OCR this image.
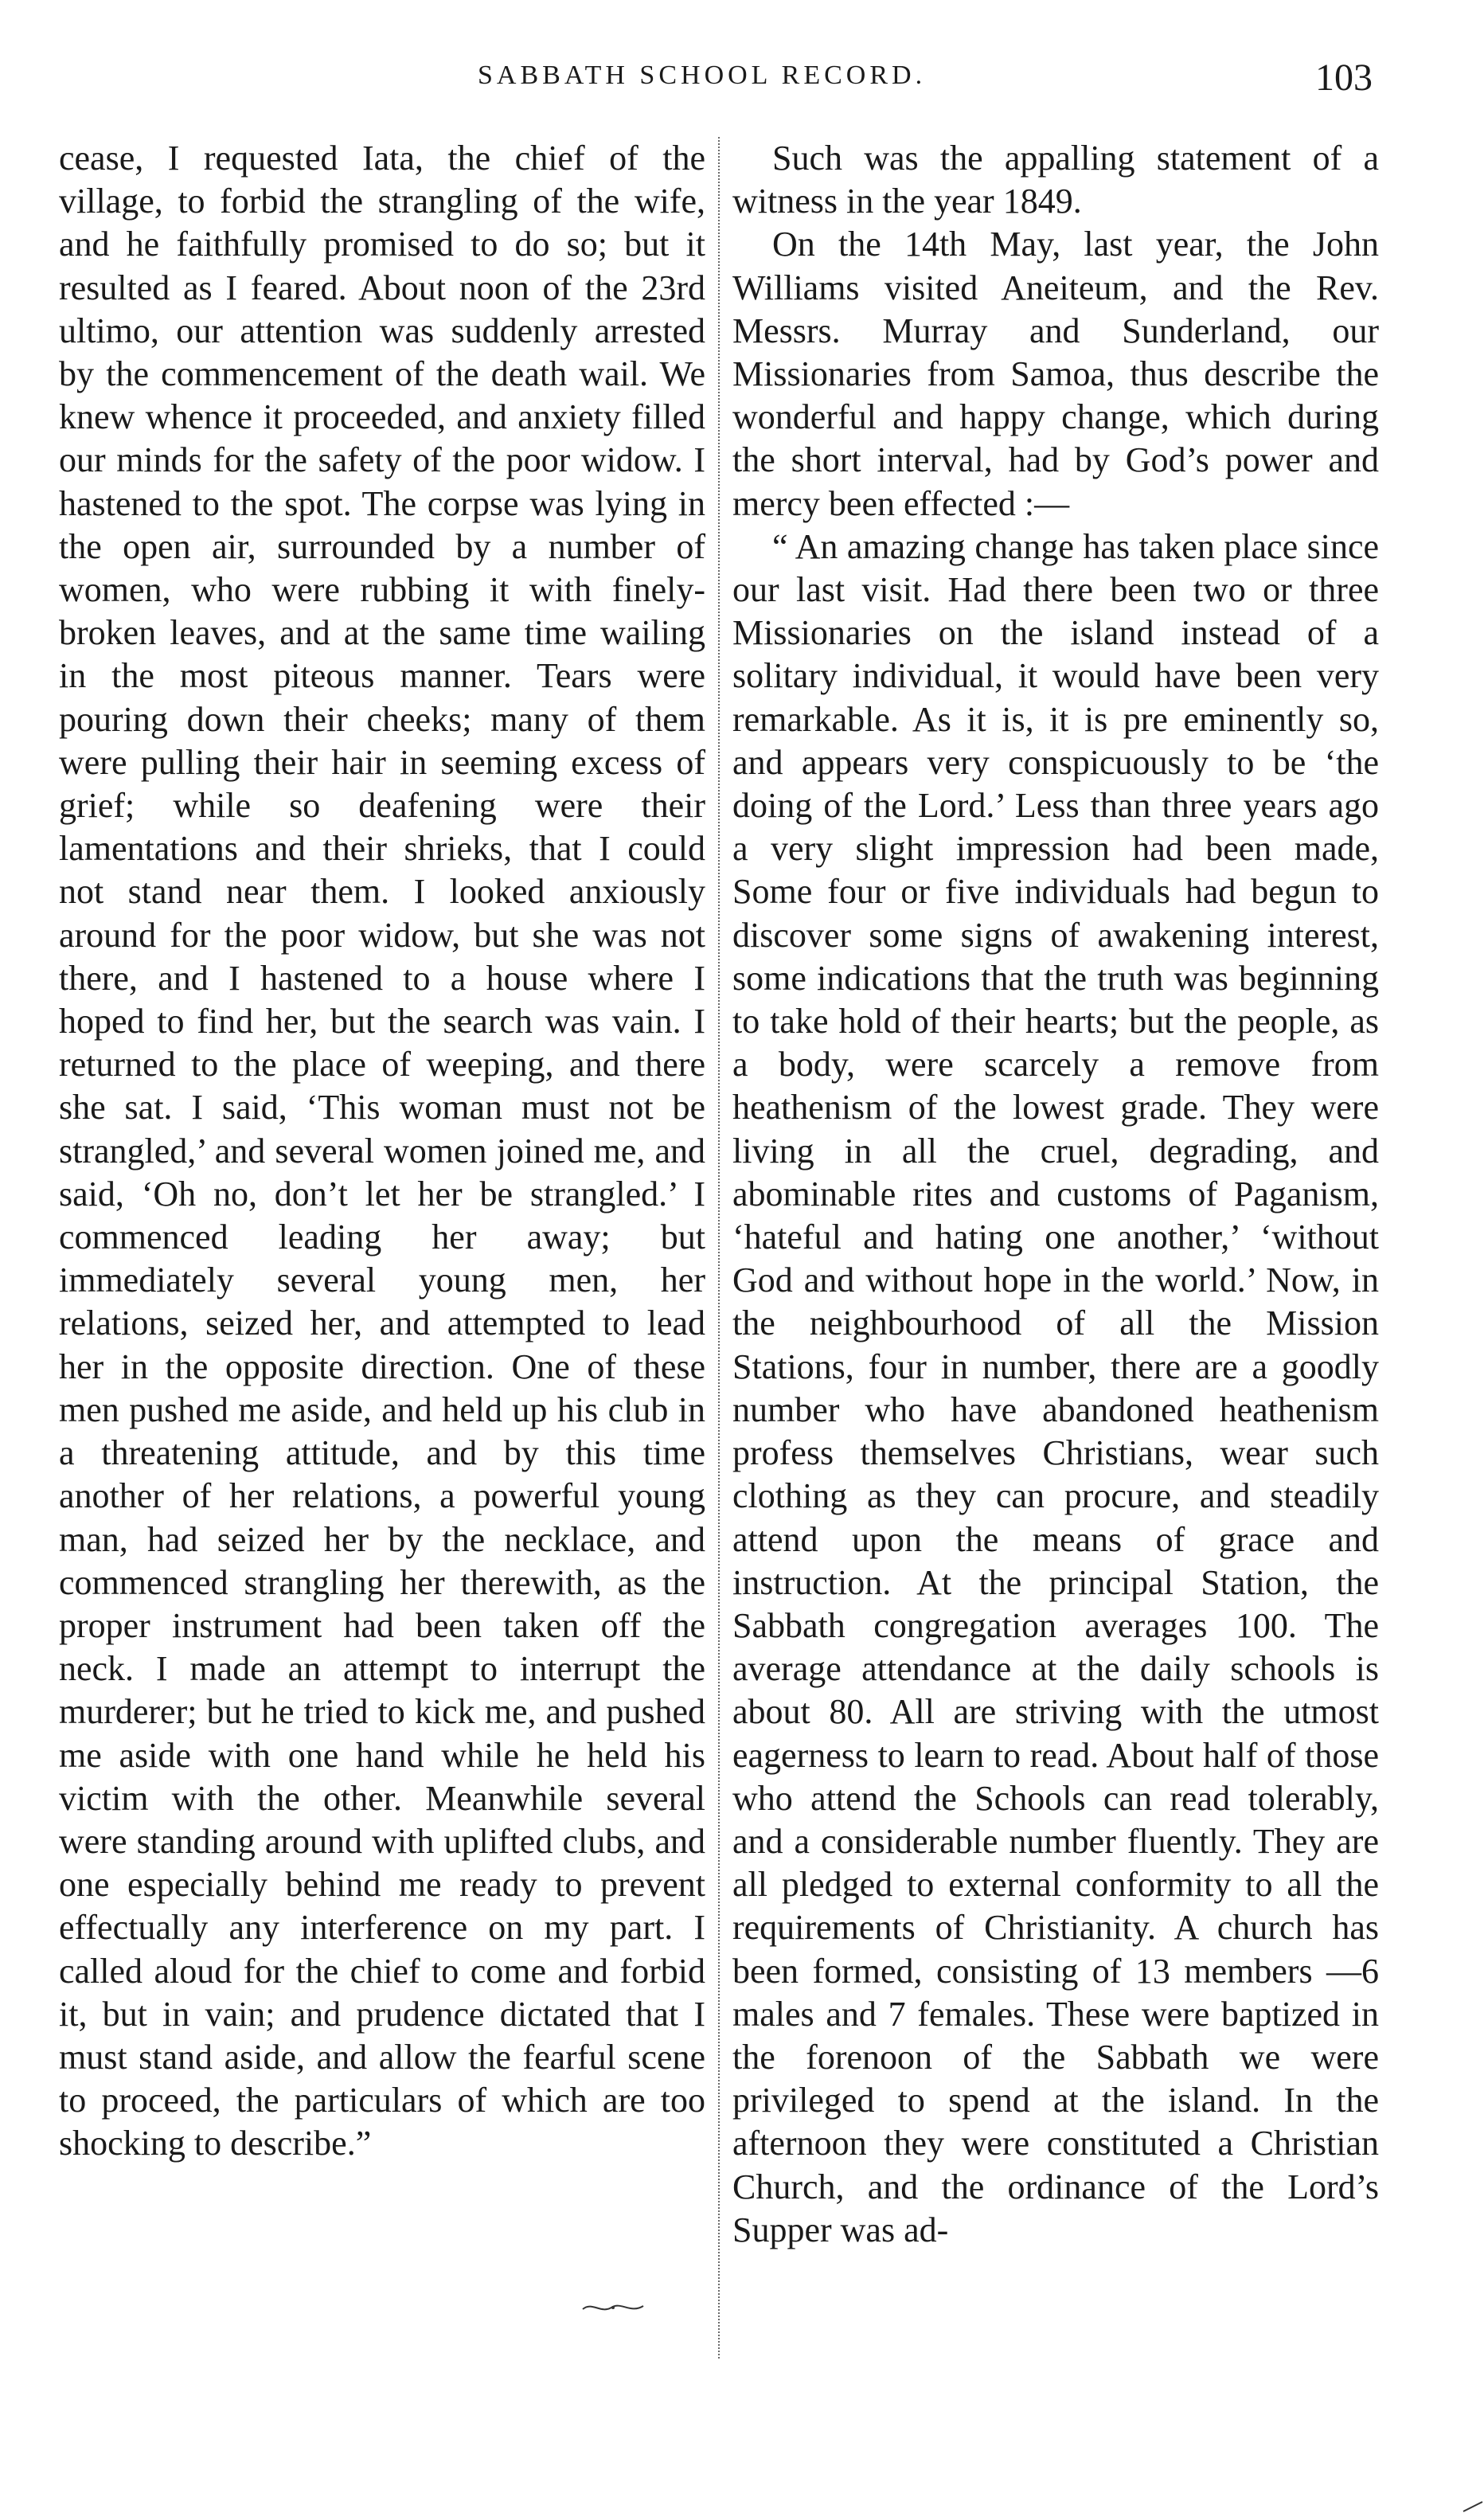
SABBATH SCHOOL RECORD.	103

cease, I requested Iata, the chief of the village, to forbid the strangling of the wife, and he faithfully promised to do so; but it resulted as I feared. About noon of the 23rd ultimo, our attention was suddenly arrested by the commencement of the death wail. We knew whence it proceeded, and anxiety filled our minds for the safety of the poor widow. I hastened to the spot. The corpse was lying in the open air, surrounded by a number of women, who were rubbing it with finely-broken leaves, and at the same time wailing in the most piteous manner. Tears were pouring down their cheeks; many of them were pulling their hair in seeming excess of grief; while so deafening were their lamentations and their shrieks, that I could not stand near them. I looked anxiously around for the poor widow, but she was not there, and I hastened to a house where I hoped to find her, but the search was vain. I returned to the place of weeping, and there she sat. I said, ‘This woman must not be strangled,’ and several women joined me, and said, ‘Oh no, don’t let her be strangled.’ I commenced leading her away; but immediately several young men, her relations, seized her, and attempted to lead her in the opposite direction. One of these men pushed me aside, and held up his club in a threatening attitude, and by this time another of her relations, a powerful young man, had seized her by the necklace, and commenced strangling her therewith, as the proper instrument had been taken off the neck. I made an attempt to interrupt the murderer; but he tried to kick me, and pushed me aside with one hand while he held his victim with the other. Meanwhile several were standing around with uplifted clubs, and one especially behind me ready to prevent effectually any interference on my part. I called aloud for the chief to come and forbid it, but in vain; and prudence dictated that I must stand aside, and allow the fearful scene to proceed, the particulars of which are too shocking to describe.”

Such was the appalling statement of a witness in the year 1849.

On the 14th May, last year, the John Williams visited Aneiteum, and the Rev. Messrs. Murray and Sunderland, our Missionaries from Samoa, thus describe the wonderful and happy change, which during the short interval, had by God’s power and mercy been effected :—

“ An amazing change has taken place since our last visit. Had there been two or three Missionaries on the island instead of a solitary individual, it would have been very remarkable. As it is, it is pre eminently so, and appears very conspicuously to be ‘the doing of the Lord.’ Less than three years ago a very slight impression had been made, Some four or five individuals had begun to discover some signs of awakening interest, some indications that the truth was beginning to take hold of their hearts; but the people, as a body, were scarcely a remove from heathenism of the lowest grade. They were living in all the cruel, degrading, and abominable rites and customs of Paganism, ‘hateful and hating one another,’ ‘without God and without hope in the world.’ Now, in the neighbourhood of all the Mission Stations, four in number, there are a goodly number who have abandoned heathenism profess themselves Christians, wear such clothing as they can procure, and steadily attend upon the means of grace and instruction. At the principal Station, the Sabbath congregation averages 100. The average attendance at the daily schools is about 80. All are striving with the utmost eagerness to learn to read. About half of those who attend the Schools can read tolerably, and a considerable number fluently. They are all pledged to external conformity to all the requirements of Christianity. A church has been formed, consisting of 13 members —6 males and 7 females. These were baptized in the forenoon of the Sabbath we were privileged to spend at the island. In the afternoon they were constituted a Christian Church, and the ordinance of the Lord’s Supper was ad-
